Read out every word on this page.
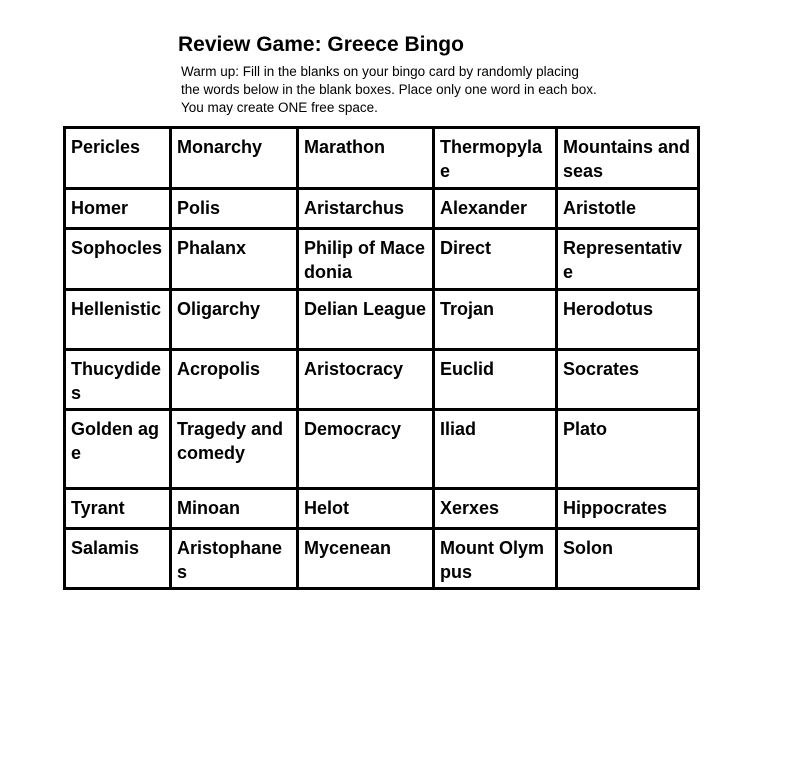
Review Game: Greece Bingo

Warm up: Fill in the blanks on your bingo card by randomly placing the words below in the blank boxes. Place only one word in each box. You may create ONE free space.

Pericles	Monarchy	Marathon	Thermopylae	Mountains and seas
Homer	Polis	Aristarchus	Alexander	Aristotle
Sophocles	Phalanx	Philip of Macedonia	Direct	Representative
Hellenistic	Oligarchy	Delian League	Trojan	Herodotus
Thucydides	Acropolis	Aristocracy	Euclid	Socrates
Golden age	Tragedy and comedy	Democracy	Iliad	Plato
Tyrant	Minoan	Helot	Xerxes	Hippocrates
Salamis	Aristophanes	Mycenean	Mount Olympus	Solon
